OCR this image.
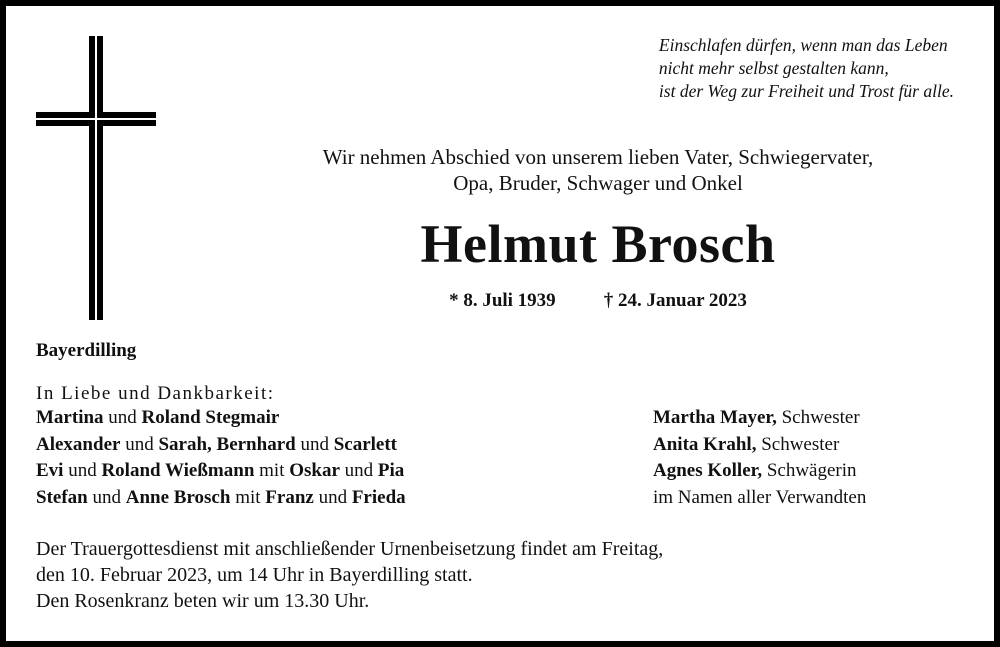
Einschlafen dürfen, wenn man das Leben
nicht mehr selbst gestalten kann,
ist der Weg zur Freiheit und Trost für alle.
Wir nehmen Abschied von unserem lieben Vater, Schwiegervater,
Opa, Bruder, Schwager und Onkel
Helmut Brosch
* 8. Juli 1939	† 24. Januar 2023
Bayerdilling
In Liebe und Dankbarkeit:
Martina und Roland Stegmair
Alexander und Sarah, Bernhard und Scarlett
Evi und Roland Wießmann mit Oskar und Pia
Stefan und Anne Brosch mit Franz und Frieda
Martha Mayer, Schwester
Anita Krahl, Schwester
Agnes Koller, Schwägerin
im Namen aller Verwandten
Der Trauergottesdienst mit anschließender Urnenbeisetzung findet am Freitag,
den 10. Februar 2023, um 14 Uhr in Bayerdilling statt.
Den Rosenkranz beten wir um 13.30 Uhr.
